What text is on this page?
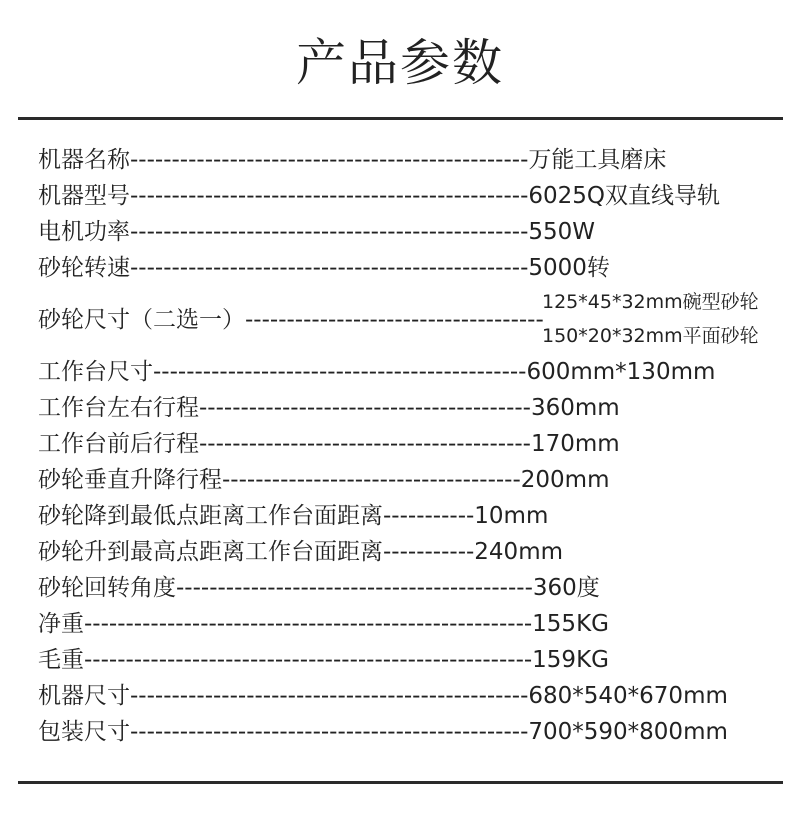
产品参数
机器名称------------------------------------------------万能工具磨床
机器型号------------------------------------------------6025Q双直线导轨
电机功率------------------------------------------------550W
砂轮转速------------------------------------------------5000转
砂轮尺寸（二选一）------------------------------------
125*45*32mm碗型砂轮
150*20*32mm平面砂轮
工作台尺寸---------------------------------------------600mm*130mm
工作台左右行程----------------------------------------360mm
工作台前后行程----------------------------------------170mm
砂轮垂直升降行程------------------------------------200mm
砂轮降到最低点距离工作台面距离-----------10mm
砂轮升到最高点距离工作台面距离-----------240mm
砂轮回转角度-------------------------------------------360度
净重------------------------------------------------------155KG
毛重------------------------------------------------------159KG
机器尺寸------------------------------------------------680*540*670mm
包装尺寸------------------------------------------------700*590*800mm
